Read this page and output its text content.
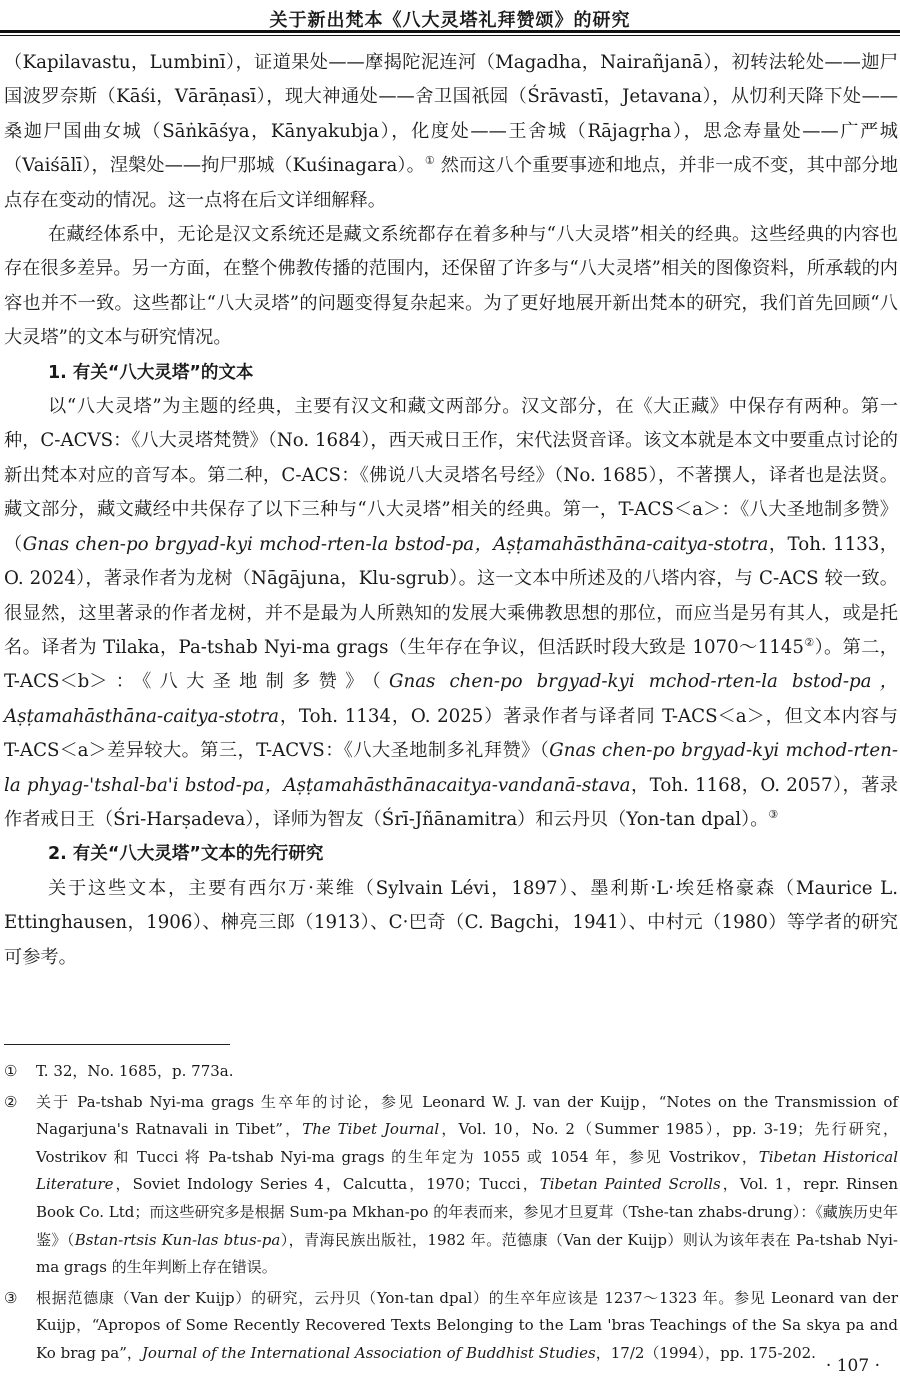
关于新出梵本《八大灵塔礼拜赞颂》的研究

（Kapilavastu，Lumbinī），证道果处——摩揭陀泥连河（Magadha，Nairañjanā），初转法轮处——迦尸国波罗奈斯（Kāśi，Vārāṇasī），现大神通处——舍卫国祇园（Śrāvastī，Jetavana），从忉利天降下处——桑迦尸国曲女城（Sāṅkāśya，Kānyakubja），化度处——王舍城（Rājagṛha），思念寿量处——广严城（Vaiśālī），涅槃处——拘尸那城（Kuśinagara）。① 然而这八个重要事迹和地点，并非一成不变，其中部分地点存在变动的情况。这一点将在后文详细解释。

在藏经体系中，无论是汉文系统还是藏文系统都存在着多种与“八大灵塔”相关的经典。这些经典的内容也存在很多差异。另一方面，在整个佛教传播的范围内，还保留了许多与“八大灵塔”相关的图像资料，所承载的内容也并不一致。这些都让“八大灵塔”的问题变得复杂起来。为了更好地展开新出梵本的研究，我们首先回顾“八大灵塔”的文本与研究情况。

1. 有关“八大灵塔”的文本

以“八大灵塔”为主题的经典，主要有汉文和藏文两部分。汉文部分，在《大正藏》中保存有两种。第一种，C-ACVS：《八大灵塔梵赞》（No. 1684），西天戒日王作，宋代法贤音译。该文本就是本文中要重点讨论的新出梵本对应的音写本。第二种，C-ACS：《佛说八大灵塔名号经》（No. 1685），不著撰人，译者也是法贤。藏文部分，藏文藏经中共保存了以下三种与“八大灵塔”相关的经典。第一，T-ACS＜a＞：《八大圣地制多赞》（Gnas chen-po brgyad-kyi mchod-rten-la bstod-pa，Aṣṭamahāsthāna-caitya-stotra，Toh. 1133，O. 2024），著录作者为龙树（Nāgājuna，Klu-sgrub）。这一文本中所述及的八塔内容，与 C-ACS 较一致。很显然，这里著录的作者龙树，并不是最为人所熟知的发展大乘佛教思想的那位，而应当是另有其人，或是托名。译者为 Tilaka，Pa-tshab Nyi-ma grags（生年存在争议，但活跃时段大致是 1070～1145②）。第二，T-ACS＜b＞：《八大圣地制多赞》（Gnas chen-po brgyad-kyi mchod-rten-la bstod-pa，Aṣṭamahāsthāna-caitya-stotra，Toh. 1134，O. 2025）著录作者与译者同 T-ACS＜a＞，但文本内容与 T-ACS＜a＞差异较大。第三，T-ACVS：《八大圣地制多礼拜赞》（Gnas chen-po brgyad-kyi mchod-rten-la phyag-'tshal-ba'i bstod-pa，Aṣṭamahāsthānacaitya-vandanā-stava，Toh. 1168，O. 2057），著录作者戒日王（Śri-Harṣadeva），译师为智友（Śrī-Jñānamitra）和云丹贝（Yon-tan dpal）。③

2. 有关“八大灵塔”文本的先行研究

关于这些文本，主要有西尔万·莱维（Sylvain Lévi，1897）、墨利斯·L·埃廷格豪森（Maurice L. Ettinghausen，1906）、榊亮三郎（1913）、C·巴奇（C. Bagchi，1941）、中村元（1980）等学者的研究可参考。

①	T. 32，No. 1685，p. 773a.
②	关于 Pa-tshab Nyi-ma grags 生卒年的讨论，参见 Leonard W. J. van der Kuijp，“Notes on the Transmission of Nagarjuna's Ratnavali in Tibet”，The Tibet Journal，Vol. 10，No. 2（Summer 1985），pp. 3-19；先行研究，Vostrikov 和 Tucci 将 Pa-tshab Nyi-ma grags 的生年定为 1055 或 1054 年，参见 Vostrikov，Tibetan Historical Literature，Soviet Indology Series 4，Calcutta，1970；Tucci，Tibetan Painted Scrolls，Vol. 1，repr. Rinsen Book Co. Ltd；而这些研究多是根据 Sum-pa Mkhan-po 的年表而来，参见才旦夏茸（Tshe-tan zhabs-drung）：《藏族历史年鉴》（Bstan-rtsis Kun-las btus-pa），青海民族出版社，1982 年。范德康（Van der Kuijp）则认为该年表在 Pa-tshab Nyi-ma grags 的生年判断上存在错误。
③	根据范德康（Van der Kuijp）的研究，云丹贝（Yon-tan dpal）的生卒年应该是 1237～1323 年。参见 Leonard van der Kuijp，“Apropos of Some Recently Recovered Texts Belonging to the Lam 'bras Teachings of the Sa skya pa and Ko brag pa”，Journal of the International Association of Buddhist Studies，17/2（1994），pp. 175-202.
· 107 ·
